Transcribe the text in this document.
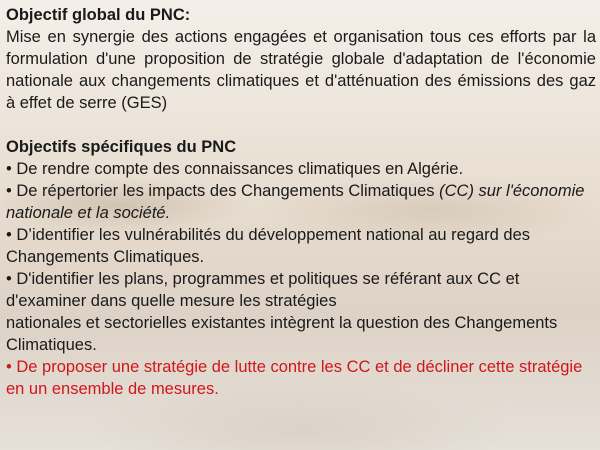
Objectif global du PNC:

Mise en synergie des actions engagées et organisation tous ces efforts par la formulation d'une proposition de stratégie globale d'adaptation de l'économie nationale aux changements climatiques et d'atténuation des émissions des gaz à effet de serre (GES)

Objectifs spécifiques du PNC

• De rendre compte des connaissances climatiques en Algérie.

• De répertorier les impacts des Changements Climatiques (CC) sur l'économie nationale et la société.

• D’identifier les vulnérabilités du développement national au regard des Changements Climatiques.

• D'identifier les plans, programmes et politiques se référant aux CC et d'examiner dans quelle mesure les stratégies

nationales et sectorielles existantes intègrent la question des Changements Climatiques.

• De proposer une stratégie de lutte contre les CC et de décliner cette stratégie en un ensemble de mesures.
